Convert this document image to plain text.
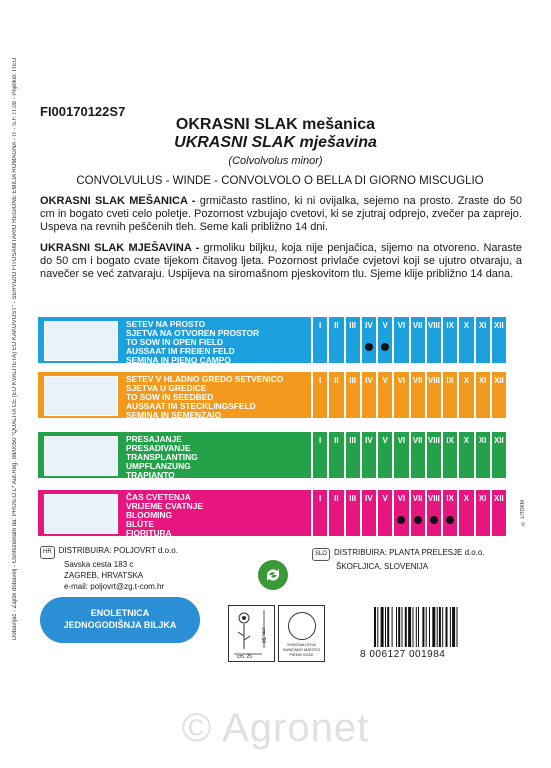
FI00170122S7
OKRASNI SLAK mešanica
UKRASNI SLAK mješavina
(Colvolvolus minor)
CONVOLVULUS - WINDE - CONVOLVOLO O BELLA DI GIORNO MISCUGLIO
OKRASNI SLAK MEŠANICA - grmičasto rastlino, ki ni ovijalka, sejemo na prosto. Zraste do 50 cm in bogato cveti celo poletje. Pozornost vzbujajo cvetovi, ki se zjutraj odprejo, zvečer pa zaprejo. Uspeva na revnih peščenih tleh. Seme kali približno 14 dni.
UKRASNI SLAK MJEŠAVINA - grmoliku biljku, koja nije penjačica, sijemo na otvoreno. Naraste do 50 cm i bogato cvate tijekom čitavog ljeta. Pozornost privlače cvjetovi koji se ujutro otvaraju, a navečer se već zatvaraju. Uspijeva na siromašnom pjeskovitom tlu. Sjeme klije približno 14 dana.
SETEV NA PROSTO
SJETVA NA OTVOREN PROSTOR
TO SOW IN OPEN FIELD
AUSSAAT IM FREIEN FELD
SEMINA IN PIENO CAMPO
I	II	III	IV	V	VI VII VIII IX	X	XI XII
SETEV V HLADNO GREDO SETVENICO
SJETVA U GREDICE
TO SOW IN SEEDBED
AUSSAAT IM STECKLINGSFELD
SEMINA IN SEMENZAIO
I	II	III	IV	V	VI VII VIII IX	X	XI XII
PRESAJANJE
PRESADIVANJE
TRANSPLANTING
UMPFLANZUNG
TRAPIANTO
I	II	III	IV	V	VI VII VIII IX	X	XI XII
ČAS CVETENJA
VRIJEME CVATNJE
BLOOMING
BLÜTE
FIORITURA
I	II	III	IV	V	VI VII VIII IX	X	XI XII
Dobavljač - Zajisk dobavelj - Confezionato da: PROS.O.L* Aut.Reg. 08/0050 "QUALITA CE (EU KVALITETA) EU KAKOVOST" - SERVIZIO FITOSANITARIO REGIONE EMILIA ROMAGNA - IT - S.F. IT.09 - Pnjelkio: ITEU	© LITOKM
HR DISTRIBUIRA: POLJOVRT d.o.o.
Savska cesta 183 c
ZAGREB, HRVATSKA
e-mail: poljovrt@zg.t-com.hr
SLO DISTRIBUIRA: PLANTA PRELESJE d.o.o.
ŠKOFLJICA, SLOVENIJA
ENOLETNICA
JEDNOGODIŠNJA BILJKA
cm. 50
cm. 25
SONČNA LEGA SUNČANO MJESTO PIENO SOLE	8 006127 001984
© Agronet
